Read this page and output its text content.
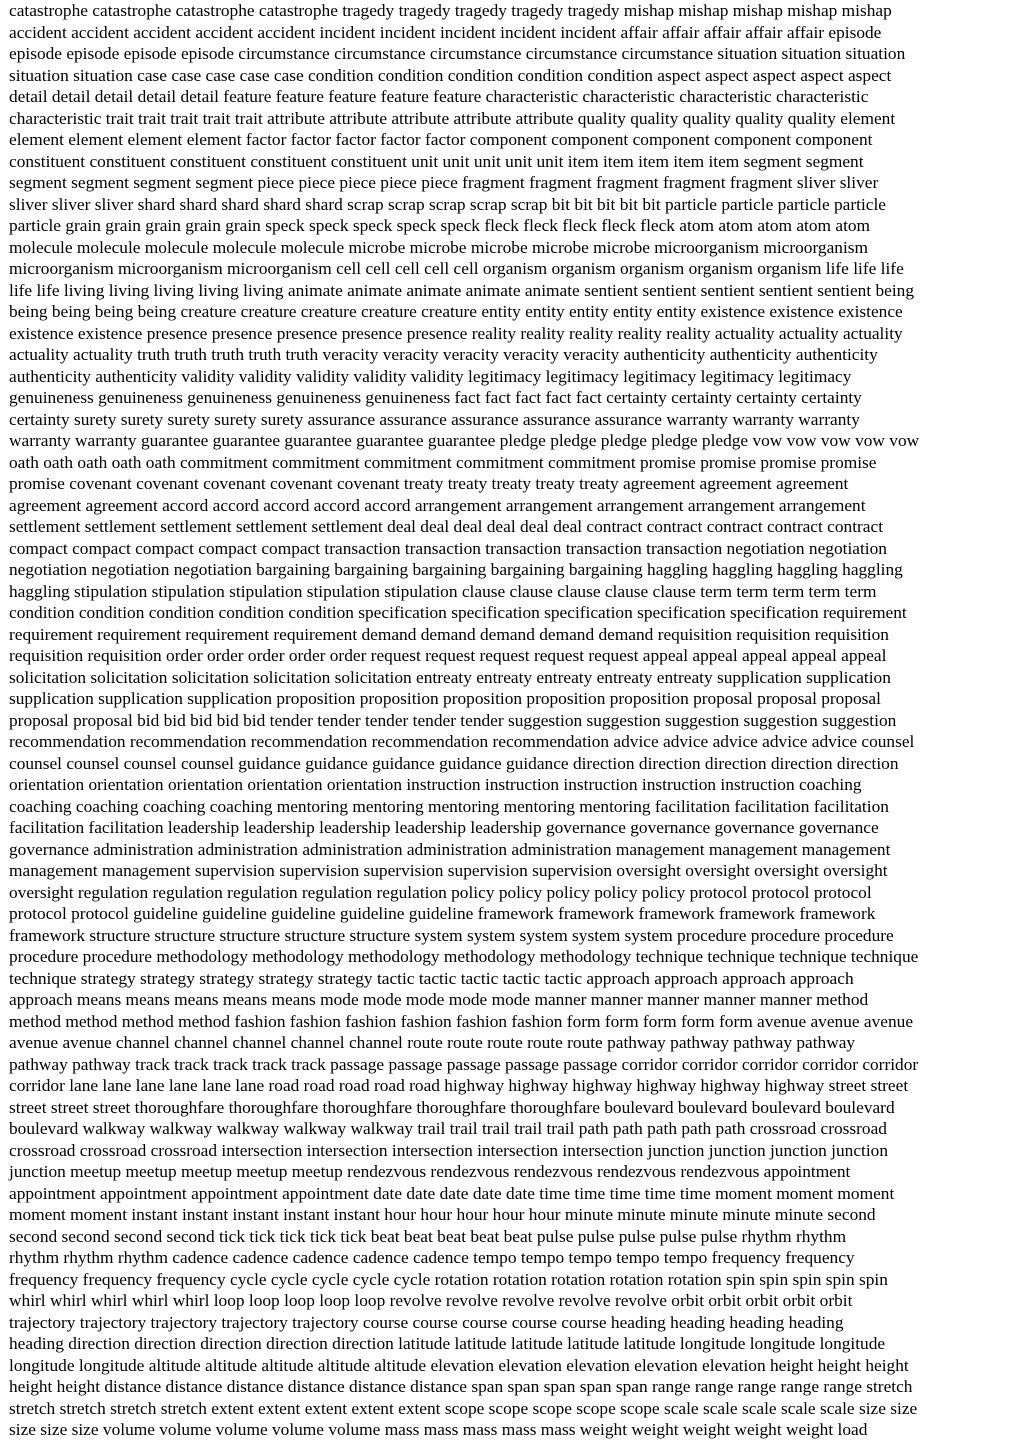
catastrophe catastrophe catastrophe catastrophe tragedy tragedy tragedy tragedy tragedy mishap mishap mishap mishap mishap
accident accident accident accident accident incident incident incident incident incident affair affair affair affair affair episode
episode episode episode episode circumstance circumstance circumstance circumstance circumstance situation situation situation
situation situation case case case case case condition condition condition condition condition aspect aspect aspect aspect aspect
detail detail detail detail detail feature feature feature feature feature characteristic characteristic characteristic characteristic
characteristic trait trait trait trait trait attribute attribute attribute attribute attribute quality quality quality quality quality element
element element element element factor factor factor factor factor component component component component component
constituent constituent constituent constituent constituent unit unit unit unit unit item item item item item segment segment
segment segment segment segment piece piece piece piece piece fragment fragment fragment fragment fragment sliver sliver
sliver sliver sliver shard shard shard shard shard scrap scrap scrap scrap scrap bit bit bit bit bit particle particle particle particle
particle grain grain grain grain grain speck speck speck speck speck fleck fleck fleck fleck fleck atom atom atom atom atom
molecule molecule molecule molecule molecule microbe microbe microbe microbe microbe microorganism microorganism
microorganism microorganism microorganism cell cell cell cell cell organism organism organism organism organism life life life
life life living living living living living animate animate animate animate animate sentient sentient sentient sentient sentient being
being being being being creature creature creature creature creature entity entity entity entity entity existence existence existence
existence existence presence presence presence presence presence reality reality reality reality reality actuality actuality actuality
actuality actuality truth truth truth truth truth veracity veracity veracity veracity veracity authenticity authenticity authenticity
authenticity authenticity validity validity validity validity validity legitimacy legitimacy legitimacy legitimacy legitimacy
genuineness genuineness genuineness genuineness genuineness fact fact fact fact fact certainty certainty certainty certainty
certainty surety surety surety surety surety assurance assurance assurance assurance assurance warranty warranty warranty
warranty warranty guarantee guarantee guarantee guarantee guarantee pledge pledge pledge pledge pledge vow vow vow vow vow
oath oath oath oath oath commitment commitment commitment commitment commitment promise promise promise promise
promise covenant covenant covenant covenant covenant treaty treaty treaty treaty treaty agreement agreement agreement
agreement agreement accord accord accord accord accord arrangement arrangement arrangement arrangement arrangement
settlement settlement settlement settlement settlement deal deal deal deal deal deal contract contract contract contract contract
compact compact compact compact compact transaction transaction transaction transaction transaction negotiation negotiation
negotiation negotiation negotiation bargaining bargaining bargaining bargaining bargaining haggling haggling haggling haggling
haggling stipulation stipulation stipulation stipulation stipulation clause clause clause clause clause term term term term term
condition condition condition condition condition specification specification specification specification specification requirement
requirement requirement requirement requirement demand demand demand demand demand requisition requisition requisition
requisition requisition order order order order order request request request request request appeal appeal appeal appeal appeal
solicitation solicitation solicitation solicitation solicitation entreaty entreaty entreaty entreaty entreaty supplication supplication
supplication supplication supplication proposition proposition proposition proposition proposition proposal proposal proposal
proposal proposal bid bid bid bid bid tender tender tender tender tender suggestion suggestion suggestion suggestion suggestion
recommendation recommendation recommendation recommendation recommendation advice advice advice advice advice counsel
counsel counsel counsel counsel guidance guidance guidance guidance guidance direction direction direction direction direction
orientation orientation orientation orientation orientation instruction instruction instruction instruction instruction coaching
coaching coaching coaching coaching mentoring mentoring mentoring mentoring mentoring facilitation facilitation facilitation
facilitation facilitation leadership leadership leadership leadership leadership governance governance governance governance
governance administration administration administration administration administration management management management
management management supervision supervision supervision supervision supervision oversight oversight oversight oversight
oversight regulation regulation regulation regulation regulation policy policy policy policy policy protocol protocol protocol
protocol protocol guideline guideline guideline guideline guideline framework framework framework framework framework
framework structure structure structure structure structure system system system system system procedure procedure procedure
procedure procedure methodology methodology methodology methodology methodology technique technique technique technique
technique strategy strategy strategy strategy strategy tactic tactic tactic tactic tactic approach approach approach approach
approach means means means means means mode mode mode mode mode manner manner manner manner manner method
method method method method fashion fashion fashion fashion fashion fashion form form form form form avenue avenue avenue
avenue avenue channel channel channel channel channel route route route route route pathway pathway pathway pathway
pathway pathway track track track track track passage passage passage passage passage corridor corridor corridor corridor corridor
corridor lane lane lane lane lane lane road road road road road highway highway highway highway highway highway street street
street street street thoroughfare thoroughfare thoroughfare thoroughfare thoroughfare boulevard boulevard boulevard boulevard
boulevard walkway walkway walkway walkway walkway trail trail trail trail trail path path path path path crossroad crossroad
crossroad crossroad crossroad intersection intersection intersection intersection intersection junction junction junction junction
junction meetup meetup meetup meetup meetup rendezvous rendezvous rendezvous rendezvous rendezvous appointment
appointment appointment appointment appointment date date date date date time time time time time moment moment moment
moment moment instant instant instant instant instant hour hour hour hour hour minute minute minute minute minute second
second second second second tick tick tick tick tick beat beat beat beat beat pulse pulse pulse pulse pulse rhythm rhythm
rhythm rhythm rhythm cadence cadence cadence cadence cadence tempo tempo tempo tempo tempo frequency frequency
frequency frequency frequency cycle cycle cycle cycle cycle rotation rotation rotation rotation rotation spin spin spin spin spin
whirl whirl whirl whirl whirl loop loop loop loop loop revolve revolve revolve revolve revolve orbit orbit orbit orbit orbit
trajectory trajectory trajectory trajectory trajectory course course course course course heading heading heading heading
heading direction direction direction direction direction latitude latitude latitude latitude latitude longitude longitude longitude
longitude longitude altitude altitude altitude altitude altitude elevation elevation elevation elevation elevation height height height
height height distance distance distance distance distance distance span span span span span range range range range range stretch
stretch stretch stretch stretch extent extent extent extent extent scope scope scope scope scope scale scale scale scale scale size size
size size size volume volume volume volume volume mass mass mass mass mass weight weight weight weight weight load
